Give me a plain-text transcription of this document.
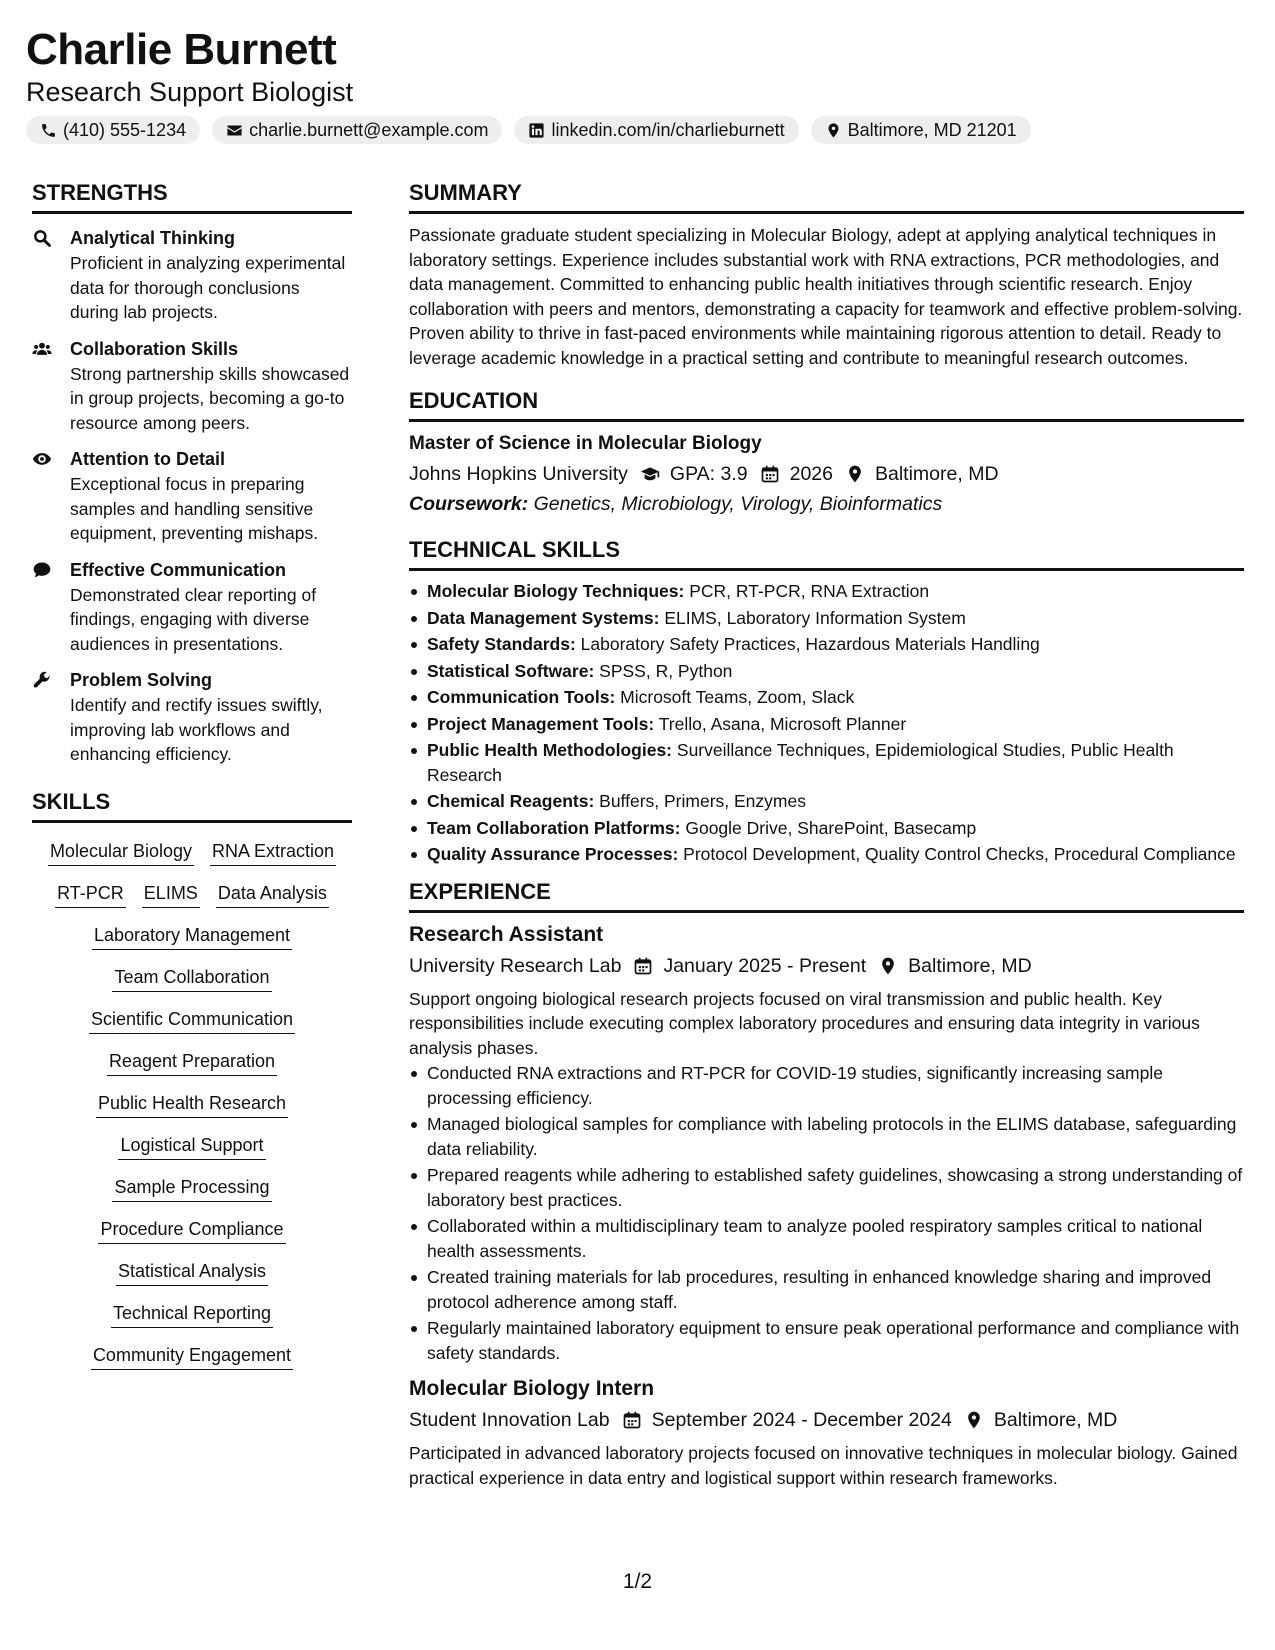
Charlie Burnett
Research Support Biologist
(410) 555-1234	charlie.burnett@example.com	linkedin.com/in/charlieburnett	Baltimore, MD 21201
STRENGTHS
Analytical Thinking
Proficient in analyzing experimental data for thorough conclusions during lab projects.
Collaboration Skills
Strong partnership skills showcased in group projects, becoming a go-to resource among peers.
Attention to Detail
Exceptional focus in preparing samples and handling sensitive equipment, preventing mishaps.
Effective Communication
Demonstrated clear reporting of findings, engaging with diverse audiences in presentations.
Problem Solving
Identify and rectify issues swiftly, improving lab workflows and enhancing efficiency.
SKILLS
Molecular Biology RNA Extraction
RT-PCR ELIMS Data Analysis
Laboratory Management
Team Collaboration
Scientific Communication
Reagent Preparation
Public Health Research
Logistical Support
Sample Processing
Procedure Compliance
Statistical Analysis
Technical Reporting
Community Engagement
SUMMARY
Passionate graduate student specializing in Molecular Biology, adept at applying analytical techniques in laboratory settings. Experience includes substantial work with RNA extractions, PCR methodologies, and data management. Committed to enhancing public health initiatives through scientific research. Enjoy collaboration with peers and mentors, demonstrating a capacity for teamwork and effective problem-solving. Proven ability to thrive in fast-paced environments while maintaining rigorous attention to detail. Ready to leverage academic knowledge in a practical setting and contribute to meaningful research outcomes.
EDUCATION
Master of Science in Molecular Biology
Johns Hopkins University GPA: 3.9 2026 Baltimore, MD
Coursework: Genetics, Microbiology, Virology, Bioinformatics
TECHNICAL SKILLS
Molecular Biology Techniques: PCR, RT-PCR, RNA Extraction
Data Management Systems: ELIMS, Laboratory Information System
Safety Standards: Laboratory Safety Practices, Hazardous Materials Handling
Statistical Software: SPSS, R, Python
Communication Tools: Microsoft Teams, Zoom, Slack
Project Management Tools: Trello, Asana, Microsoft Planner
Public Health Methodologies: Surveillance Techniques, Epidemiological Studies, Public Health Research
Chemical Reagents: Buffers, Primers, Enzymes
Team Collaboration Platforms: Google Drive, SharePoint, Basecamp
Quality Assurance Processes: Protocol Development, Quality Control Checks, Procedural Compliance
EXPERIENCE
Research Assistant
University Research Lab January 2025 - Present Baltimore, MD
Support ongoing biological research projects focused on viral transmission and public health. Key responsibilities include executing complex laboratory procedures and ensuring data integrity in various analysis phases.
Conducted RNA extractions and RT-PCR for COVID-19 studies, significantly increasing sample processing efficiency.
Managed biological samples for compliance with labeling protocols in the ELIMS database, safeguarding data reliability.
Prepared reagents while adhering to established safety guidelines, showcasing a strong understanding of laboratory best practices.
Collaborated within a multidisciplinary team to analyze pooled respiratory samples critical to national health assessments.
Created training materials for lab procedures, resulting in enhanced knowledge sharing and improved protocol adherence among staff.
Regularly maintained laboratory equipment to ensure peak operational performance and compliance with safety standards.
Molecular Biology Intern
Student Innovation Lab September 2024 - December 2024 Baltimore, MD
Participated in advanced laboratory projects focused on innovative techniques in molecular biology. Gained practical experience in data entry and logistical support within research frameworks.
1/2
